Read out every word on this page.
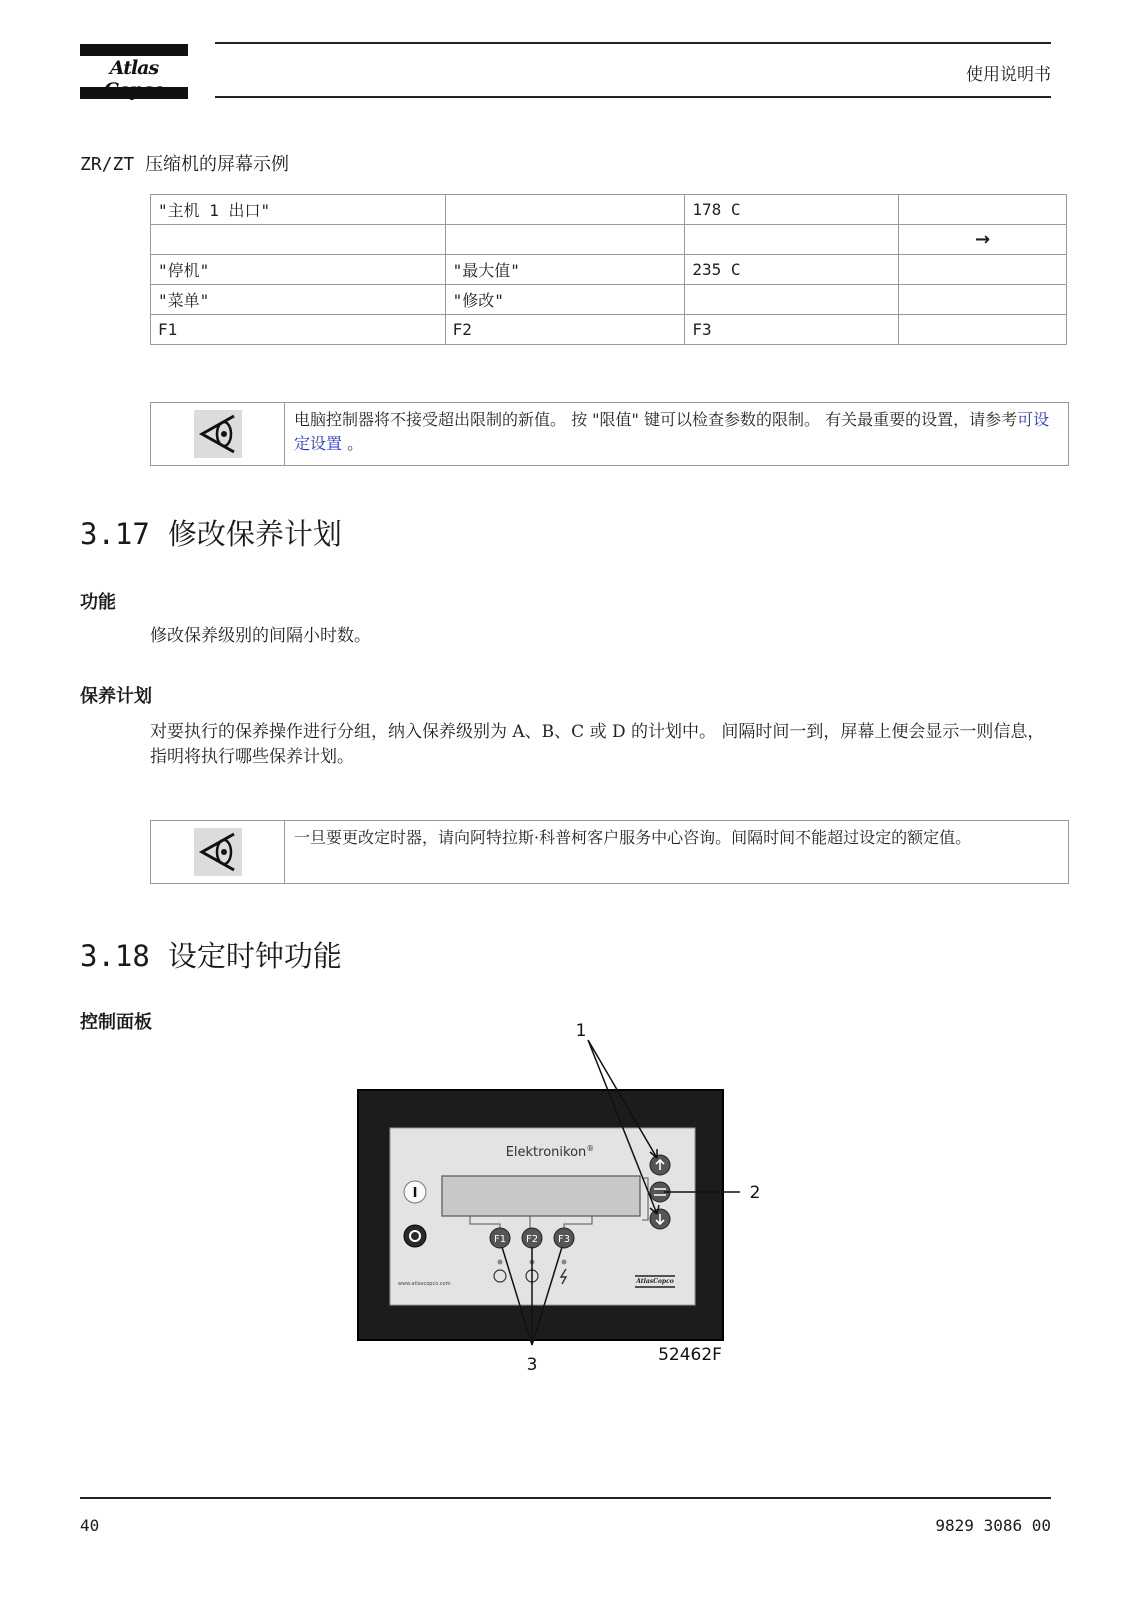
Atlas	使用说明书
ZR/ZT 压缩机的屏幕示例
"主机 1 出口"		178 C	
			→
"停机"	"最大值"	235 C	
"菜单"	"修改"		
F1	F2	F3	
电脑控制器将不接受超出限制的新值。 按 "限值" 键可以检查参数的限制。 有关最重要的设置，请参考可设定设置 。
3.17 修改保养计划
功能
修改保养级别的间隔小时数。
保养计划
对要执行的保养操作进行分组，纳入保养级别为 A、B、C 或 D 的计划中。 间隔时间一到，屏幕上便会显示一则信息，指明将执行哪些保养计划。
一旦要更改定时器，请向阿特拉斯·科普柯客户服务中心咨询。间隔时间不能超过设定的额定值。
3.18 设定时钟功能
控制面板
Elektronikon®
I
F1 F2 F3
www.atlascopco.com	AtlasCopco
1
2
3	52462F
40	9829 3086 00
